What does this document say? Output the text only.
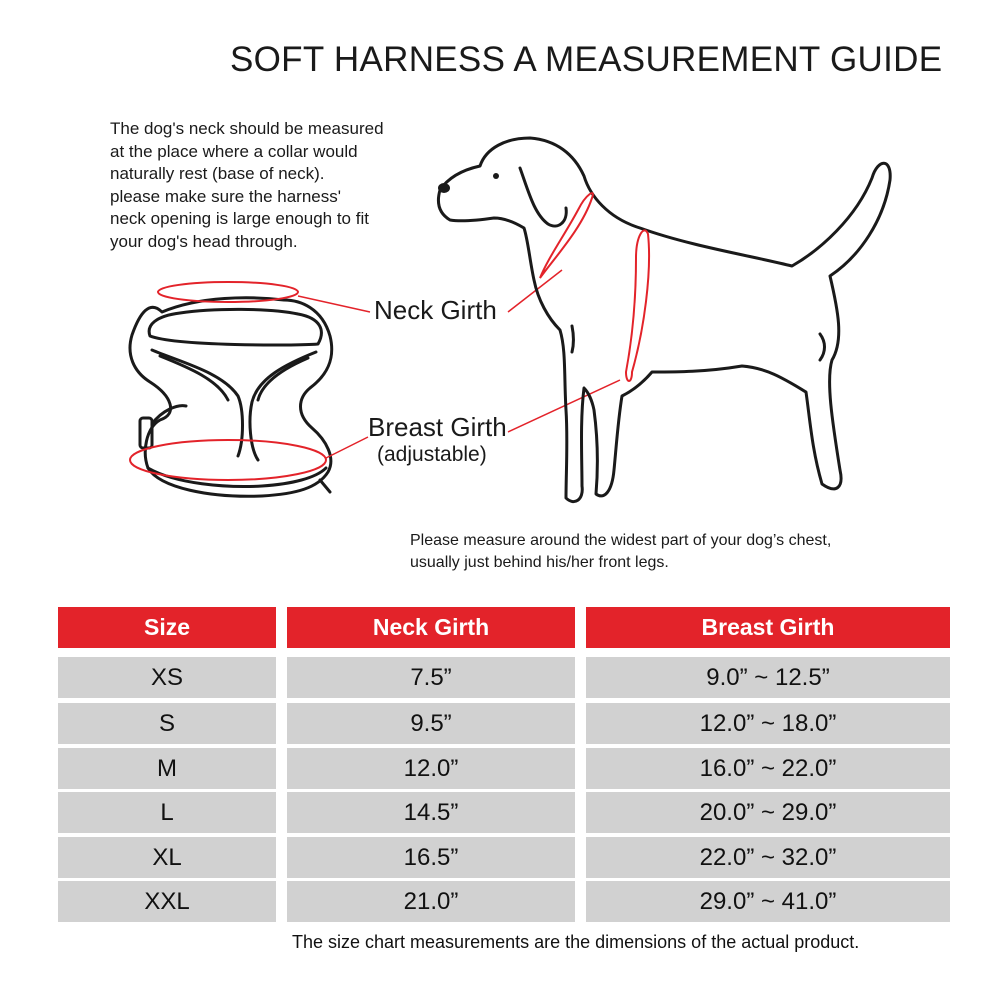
SOFT HARNESS A MEASUREMENT GUIDE
The dog's neck should be measured
at the place where a collar would
naturally rest (base of neck).
please make sure the harness'
neck opening is large enough to fit
your dog's head through.
Neck Girth
Breast Girth
(adjustable)
Please measure around the widest part of your dog’s chest,
usually just behind his/her front legs.
Size	Neck Girth	Breast Girth
XS	7.5”	9.0” ~ 12.5”
S	9.5”	12.0” ~ 18.0”
M	12.0”	16.0” ~ 22.0”
L	14.5”	20.0” ~ 29.0”
XL	16.5”	22.0” ~ 32.0”
XXL	21.0”	29.0” ~ 41.0”
The size chart measurements are the dimensions of the actual product.
